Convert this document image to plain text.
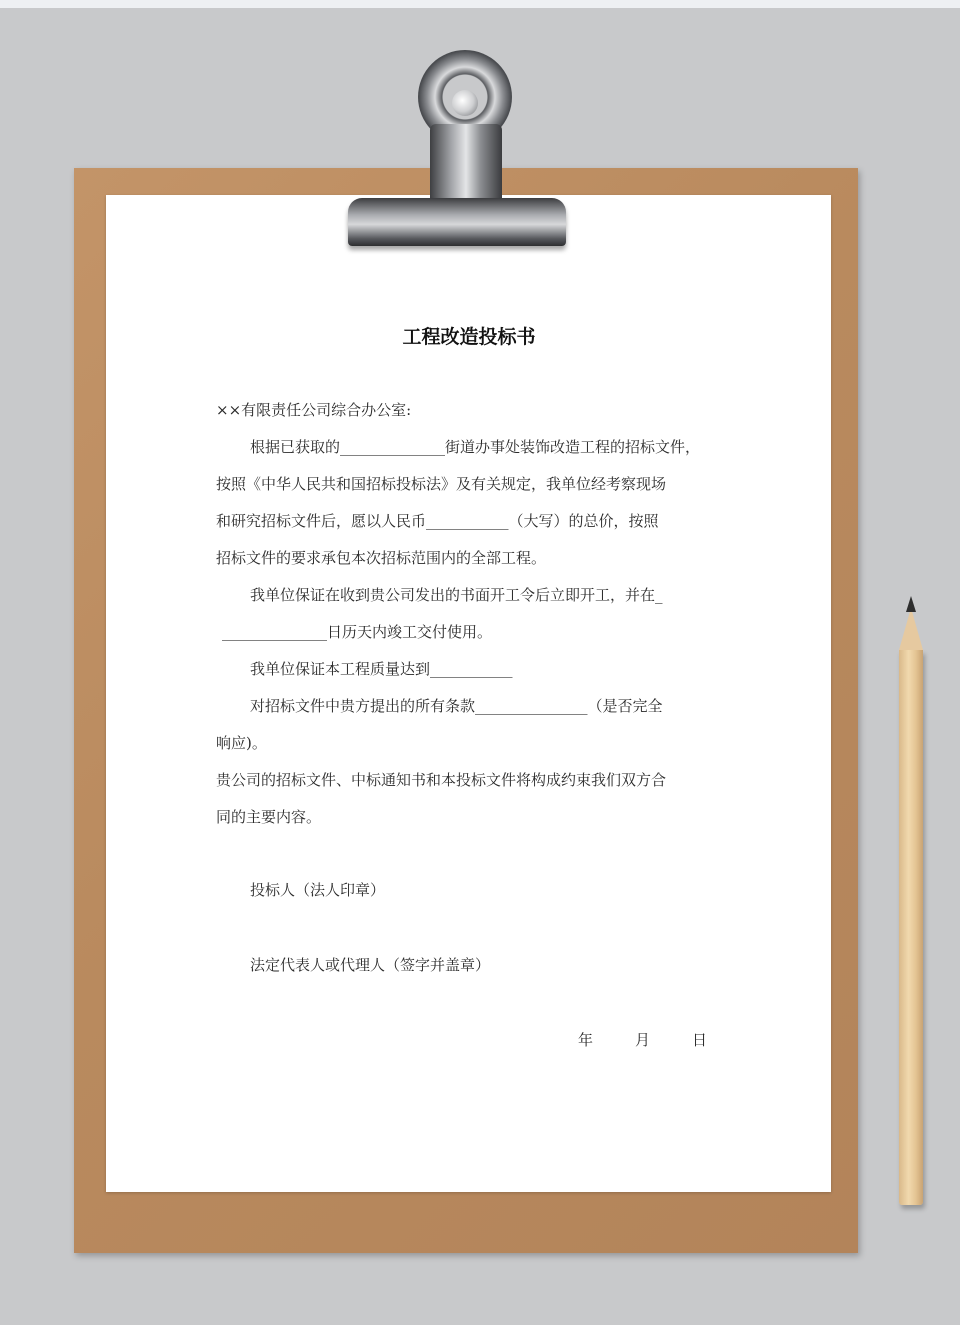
工程改造投标书
××有限责任公司综合办公室:
根据已获取的______________街道办事处装饰改造工程的招标文件，
按照《中华人民共和国招标投标法》及有关规定，我单位经考察现场
和研究招标文件后，愿以人民币___________（大写）的总价，按照
招标文件的要求承包本次招标范围内的全部工程。
我单位保证在收到贵公司发出的书面开工令后立即开工，并在_
______________日历天内竣工交付使用。
我单位保证本工程质量达到___________
对招标文件中贵方提出的所有条款_______________（是否完全
响应)。
贵公司的招标文件、中标通知书和本投标文件将构成约束我们双方合
同的主要内容。
投标人（法人印章）
法定代表人或代理人（签字并盖章）
年	月	日
